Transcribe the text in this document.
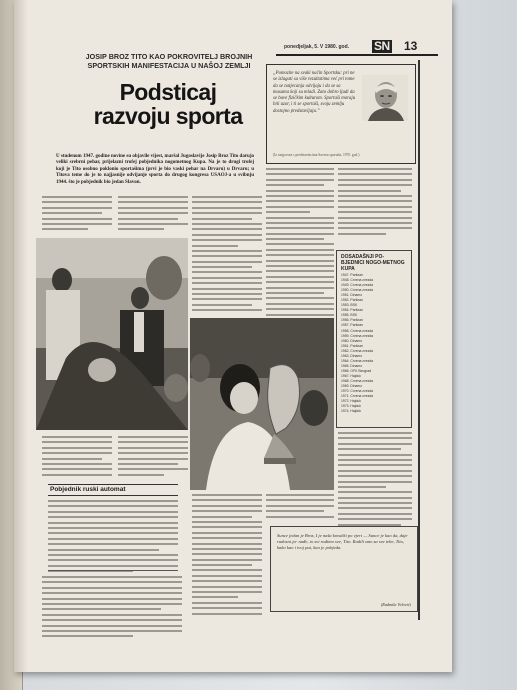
ponedjeljak, 5. V 1980. god. SN 13
JOSIP BROZ TITO KAO POKROVITELJ BROJNIH SPORTSKIH MANIFESTACIJA U NAŠOJ ZEMLJI
Podsticaj
razvoju sporta
„Pomozite na svaki način Sportsku: pri ne se izlagati sa više rezultatima već pri tome da se natjecanja odvijaju i da se sa masama koji su mladi. Zato dobro ljudi da se bave fizičkim kulturom. Sportaši moraju biti uzor, i ti se sportaši, svoju zemlju dostojno predstavljaju.”
(Iz razgovora s predstavnicima Saveza sportaša, 1970. god.)
U studenom 1947. godine novine su objavile vijest, maršal Jugoslavije Josip Broz Tito darujo veliki srebrni pehar, prijelazni trofej pobjednika nogometnog Kupa. Na je to drugi trofej koji je Tito osobno poklonio sportašima (prvi je bio vaski pehar na Drvaru) u Drvaru; u Titova teme do je to najjasnije odvijanje sporta do drugog kongresa USAOJ-a u svibnju 1944. što je pobjednik bio jedan Slavon.
Pobjednik ruski automat
DOSADAŠNJI PO-BJEDNICI NOGO-METNOG KUPA
1947. Partizan
1948. Crvena zvezda
1949. Crvena zvezda
1950. Crvena zvezda
1951. Dinamo
1952. Partizan
1953. BSK
1954. Partizan
1955. BSK
1956. Partizan
1957. Partizan
1958. Crvena zvezda
1959. Crvena zvezda
1960. Dinamo
1961. Partizan
1962. Crvena zvezda
1963. Dinamo
1964. Crvena zvezda
1965. Dinamo
1966. OFK Beograd
1967. Hajduk
1968. Crvena zvezda
1969. Dinamo
1970. Crvena zvezda
1971. Crvena zvezda
1972. Hajduk
1973. Hajduk
1974. Hajduk
Sunce jedan je Broz, I je naša kovački po vjeri — Sunce je kao da, daje radosni ja- nađe, to svi radimo sve, Tito. Radili smo za sve tebe, Tito, kako kao i tvoj put, kao je pobjeda.
(Radmila Velović)
